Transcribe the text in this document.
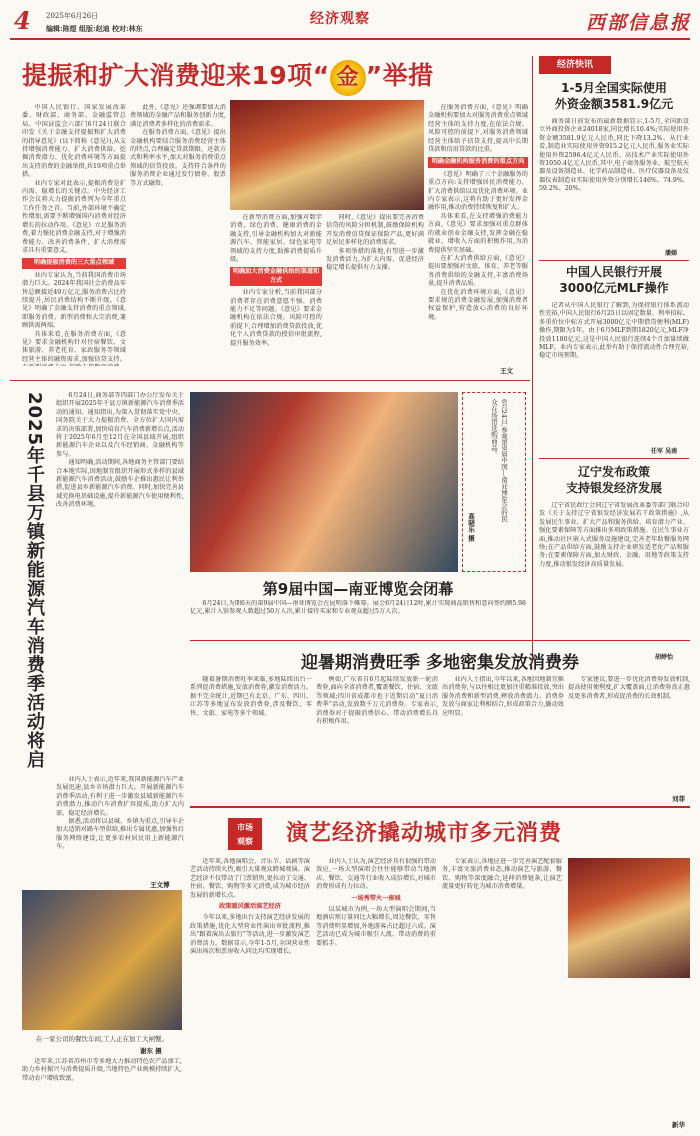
4 2025年6月26日
编辑:陈煜 组版:赵迪 校对:林东
经济观察	西部信息报
提振和扩大消费迎来19项“ 金 ”举措

中国人民银行、国家发展改革委、财政部、商务部、金融监管总局、中国证监会六部门6月24日联合印发《关于金融支持提振和扩大消费的指导意见》(以下简称《意见》),从支持增强消费能力、扩大消费供给、挖掘消费潜力、优化消费环境等方面提出支持消费的金融举措,共19项重点举措。

业内专家对此表示,提振消费是扩内需、稳增长的关键点。中央经济工作会议将大力提振消费列为今年重点工作任务之首。当前,外部环境不确定性增加,需要不断增强国内消费对经济增长的拉动作用。《意见》立足服务消费,着力强化消费金融支持,对于增强消费能力、改善消费条件、扩大消费需求具有重要意义。

明确提振消费的三大重点领域

业内专家认为,当前我国消费市场潜力巨大。2024年我国社会消费品零售总额接近49万亿元,服务消费占比持续提升,居民消费结构不断升级。《意见》明确了金融支持消费的重点领域,即服务消费、新型消费和大宗消费,兼顾供需两端。

具体来看,在服务消费方面,《意见》要求金融机构针对住宿餐饮、文体旅游、养老托育、家政服务等领域经营主体的融资需求,加强信贷支持。

此外,《意见》还强调要加大消费领域的金融产品和服务创新力度,满足消费者多样化的消费需求。

在服务消费方面,《意见》提出金融机构要结合服务消费经营主体的特点,合理确定贷款期限、还款方式和利率水平,加大对服务消费重点领域的信贷投放。支持符合条件的服务消费企业通过发行债券、股票等方式融资。

在新型消费方面,加强对数字消费、绿色消费、健康消费的金融支持,引导金融机构加大对新能源汽车、智能家居、绿色家电等领域的支持力度,助推消费提质升级。

明确加大消费金融供给的渠道和方式

业内专家分析,当前我国部分消费者存在消费意愿不强、消费能力不足等问题。《意见》要求金融机构在依法合规、风险可控的前提下,合理增加消费贷款投放,优化个人消费贷款的授信审批流程,提升服务效率。

同时,《意见》提出要完善消费信贷的风险分担机制,鼓励保险机构开发消费信贷保证保险产品,更好满足居民多样化的消费需求。

多项举措的落地,有望进一步激发消费活力,为扩大内需、促进经济稳定增长提供有力支撑。

在服务消费方面,《意见》明确金融机构要加大对服务消费重点领域经营主体的支持力度,在依法合规、风险可控的前提下,对服务消费领域经营主体给予信贷支持,提高中长期贷款和信用贷款的比重。

明确金融机构服务消费的重点方向

《意见》明确了三个金融服务的重点方向:支持增强居民消费能力、扩大消费供给以及优化消费环境。业内专家表示,这将有助于更好发挥金融作用,推动消费持续恢复和扩大。

具体来看,在支持增强消费能力方面,《意见》要求加强对重点群体的就业创业金融支持,发挥金融在稳就业、增收入方面的积极作用,为消费提供坚实基础。

在扩大消费供给方面,《意见》提出要加强对文旅、体育、养老等服务消费供给的金融支持,丰富消费场景,提升消费品质。

在优化消费环境方面,《意见》要求规范消费金融发展,加强消费者权益保护,营造放心消费的良好环境。

王文
经济快讯
1-5月全国实际使用
外资金额3581.9亿元

商务部日前发布的最新数据显示,1-5月,全国新设立外商投资企业24018家,同比增长10.4%;实际使用外资金额3581.9亿元人民币,同比下降13.2%。从行业看,制造业实际使用外资915.2亿元人民币,服务业实际使用外资2596.4亿元人民币。高技术产业实际使用外资1050.4亿元人民币,其中,电子商务服务业、航空航天器及设备制造业、化学药品制造业、医疗仪器设备及仪器仪表制造业实际使用外资分别增长146%、74.9%、59.2%、20%。

潘娣
中国人民银行开展
3000亿元MLF操作

记者从中国人民银行了解到,为保持银行体系流动性充裕,中国人民银行6月25日以固定数量、利率招标、多重价位中标方式开展3000亿元中期借贷便利(MLF)操作,期限为1年。由于6月MLF到期1820亿元,MLF净投放1180亿元,这是中国人民银行连续4个月加量续做MLF。业内专家表示,此举有助于保持流动性合理充裕,稳定市场预期。

任军 吴南
辽宁发布政策
支持银发经济发展

辽宁省民政厅会同辽宁省发展改革委等部门联合印发《关于支持辽宁省银发经济发展若干政策措施》,从发展民生事业、扩大产品和服务供给、培育潜力产业、强化要素保障等方面推出多项政策措施。在民生事业方面,推动社区嵌入式服务设施建设,完善老年助餐服务网络;在产品供给方面,鼓励支持企业研发适老化产品和服务;在要素保障方面,加大财政、金融、用地等政策支持力度,推动银发经济高质量发展。

胡婷怡
2025年千县万镇新能源汽车消费季活动将启	6月24日,商务部等四部门办公厅发布关于组织开展2025年千县万镇新能源汽车消费季活动的通知。通知指出,为深入贯彻落实党中央、国务院关于大力提振消费、全方位扩大国内需求的决策部署,加快培育汽车消费新增长点,活动将于2025年6月至12月在全国县域开展,组织新能源汽车企业以及汽车经销商、金融机构等参与。

通知明确,活动期间,各地商务主管部门要结合本地实际,因地制宜组织开展形式多样的县域新能源汽车消费活动,鼓励车企推出惠民让利举措,促进县乡新能源汽车消费。同时,加快完善县域充换电基础设施,提升新能源汽车使用便利性,改善消费环境。

业内人士表示,近年来,我国新能源汽车产业发展迅速,县乡市场潜力巨大。开展新能源汽车消费季活动,有利于进一步激发县域新能源汽车消费潜力,推动汽车消费扩容提质,助力扩大内需、稳定经济增长。

据悉,活动将以县城、乡镇为重点,引导车企加大适销对路车型供给,推出专属优惠,加强售后服务网络建设,让更多农村居民用上新能源汽车。

王文博
6月24日,参观第9届中国—南亚博览会的民众在场馆选购商品。
高晓乐 摄
第9届中国—南亚博览会闭幕

6月24日,为期6天的第9届中国—南亚博览会在昆明落下帷幕。展会6月24日12时,累计实现商品销售和意向签约额5.98亿元,累计入馆参观人数超过50万人次,累计接待买家和专业观众超过5万人次。

迎暑期消费旺季 多地密集发放消费券

随着暑期消费旺季来临,多地陆续出台一系列促消费措施,发放消费券,激发消费活力。据不完全统计,近期已有北京、广东、四川、江苏等多地宣布发放消费券,涉及餐饮、零售、文旅、家电等多个领域。

例如,广东省自6月起陆续发放新一轮消费券,面向全省消费者,覆盖餐饮、住宿、文旅等领域;四川省成都市也于近期启动“夏日消费季”活动,发放数千万元消费券。专家表示,消费券对于提振消费信心、带动消费增长具有积极作用。

业内人士指出,今年以来,各地因地制宜推出消费券,与以往相比更加注重精准投放,突出服务消费和新型消费,释放消费潜力。消费券发放与商家让利相结合,形成政策合力,撬动效应明显。

专家建议,要进一步优化消费券发放机制,提高使用便利度,扩大覆盖面,让消费券真正惠及更多消费者,形成促消费的长效机制。

刘菲
市场
观察	演艺经济撬动城市多元消费
在一家公司的餐饮车间,工人正在加工大闸蟹。
谢东 摄

近年来,江苏省苏州市等多地大力推动特色农产品加工,助力乡村振兴与消费提质升级,当地特色产业规模持续扩大,带动农户增收致富。

近年来,各地演唱会、音乐节、话剧等演艺活动持续火热,吸引大量观众跨城观演。演艺经济不仅带动了门票销售,更拉动了交通、住宿、餐饮、购物等多元消费,成为城市经济发展的新增长点。

政策暖风激活演艺经济

今年以来,多地出台支持演艺经济发展的政策措施,优化大型营业性演出审批流程,推出“跟着演出去旅行”等活动,进一步激发演艺消费活力。数据显示,今年1-5月,全国营业性演出场次和票房收入同比均实现增长。

业内人士认为,演艺经济具有很强的带动效应,一场大型演唱会往往能够带动当地酒店、餐饮、交通等行业收入成倍增长,对城市消费形成有力拉动。

一场秀带火一座城

以某城市为例,一场大型演唱会期间,当地酒店预订量同比大幅增长,周边餐饮、零售等消费明显增加,外地游客占比超过六成。演艺活动已成为城市吸引人流、带动消费的重要抓手。

专家表示,各地应进一步完善演艺配套服务,丰富文旅消费业态,推动演艺与旅游、餐饮、购物等深度融合,延伸消费链条,让演艺流量更好转化为城市消费增量。

新华
